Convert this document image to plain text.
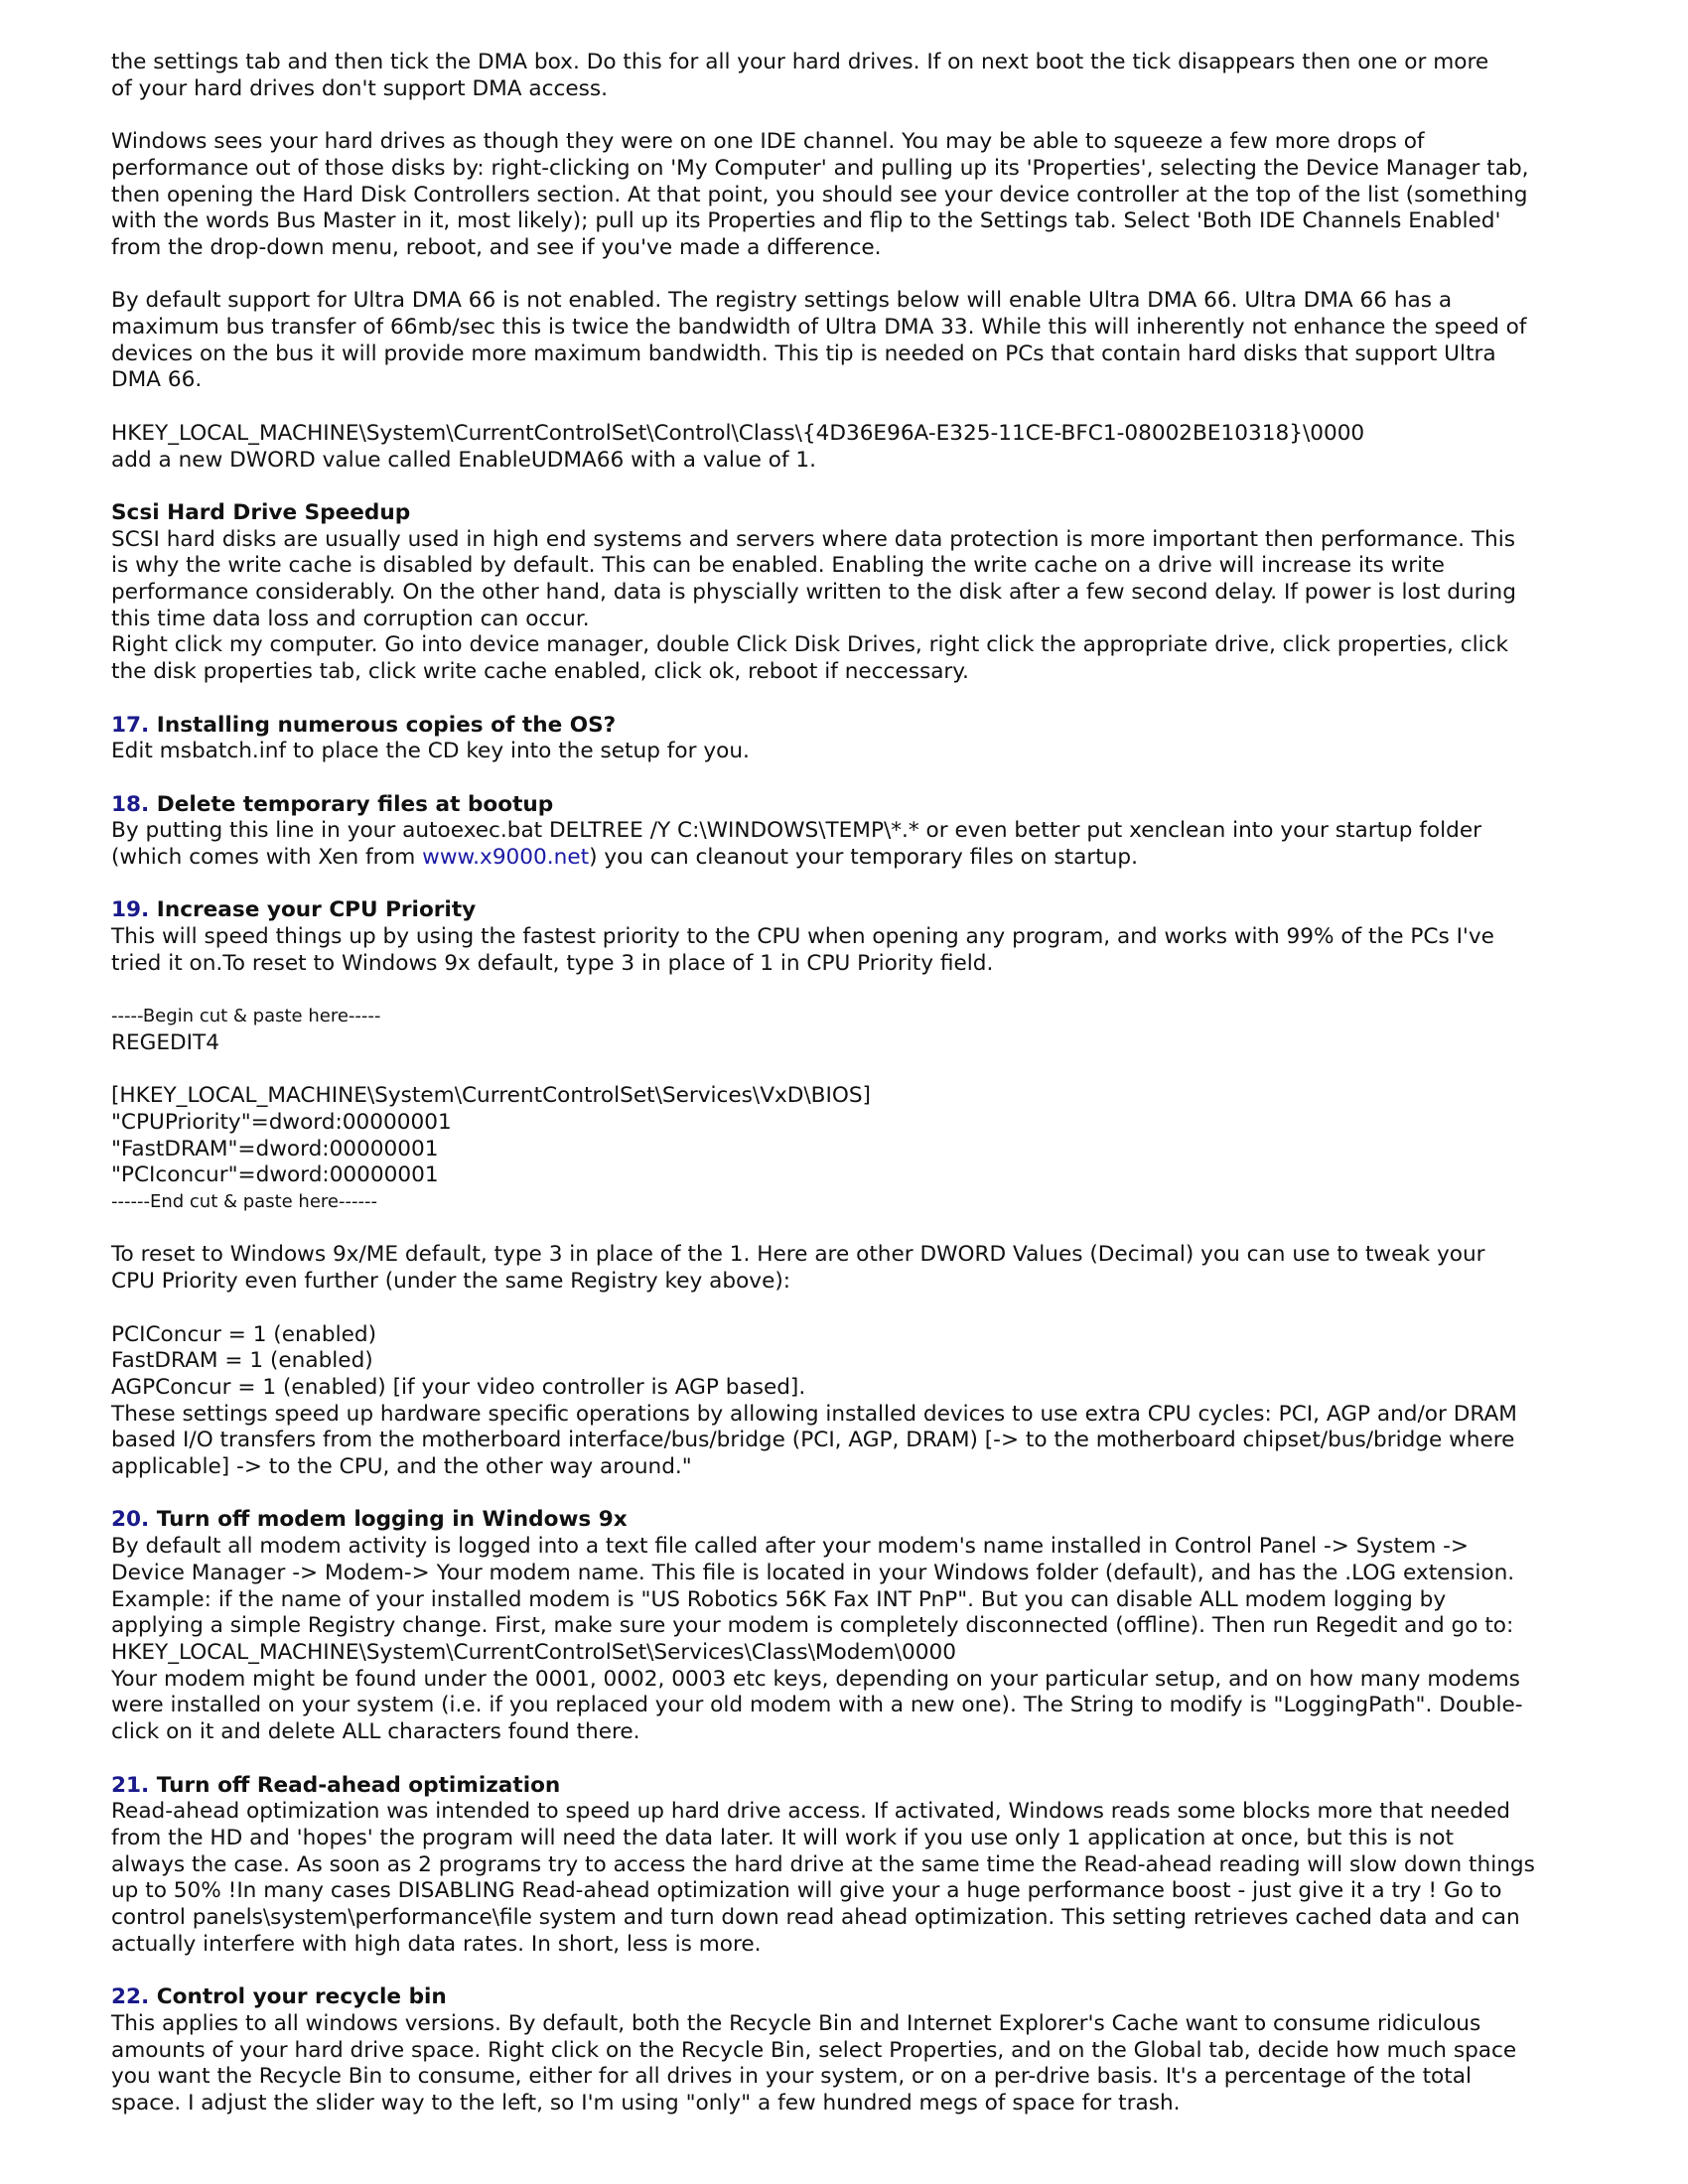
the settings tab and then tick the DMA box. Do this for all your hard drives. If on next boot the tick disappears then one or more
of your hard drives don't support DMA access.
Windows sees your hard drives as though they were on one IDE channel. You may be able to squeeze a few more drops of
performance out of those disks by: right-clicking on 'My Computer' and pulling up its 'Properties', selecting the Device Manager tab,
then opening the Hard Disk Controllers section. At that point, you should see your device controller at the top of the list (something
with the words Bus Master in it, most likely); pull up its Properties and flip to the Settings tab. Select 'Both IDE Channels Enabled'
from the drop-down menu, reboot, and see if you've made a difference.
By default support for Ultra DMA 66 is not enabled. The registry settings below will enable Ultra DMA 66. Ultra DMA 66 has a
maximum bus transfer of 66mb/sec this is twice the bandwidth of Ultra DMA 33. While this will inherently not enhance the speed of
devices on the bus it will provide more maximum bandwidth. This tip is needed on PCs that contain hard disks that support Ultra
DMA 66.
HKEY_LOCAL_MACHINE\System\CurrentControlSet\Control\Class\{4D36E96A-E325-11CE-BFC1-08002BE10318}\0000
add a new DWORD value called EnableUDMA66 with a value of 1.
Scsi Hard Drive Speedup
SCSI hard disks are usually used in high end systems and servers where data protection is more important then performance. This
is why the write cache is disabled by default. This can be enabled. Enabling the write cache on a drive will increase its write
performance considerably. On the other hand, data is physcially written to the disk after a few second delay. If power is lost during
this time data loss and corruption can occur.
Right click my computer. Go into device manager, double Click Disk Drives, right click the appropriate drive, click properties, click
the disk properties tab, click write cache enabled, click ok, reboot if neccessary.
17. Installing numerous copies of the OS?
Edit msbatch.inf to place the CD key into the setup for you.
18. Delete temporary files at bootup
By putting this line in your autoexec.bat DELTREE /Y C:\WINDOWS\TEMP\*.* or even better put xenclean into your startup folder
(which comes with Xen from www.x9000.net) you can cleanout your temporary files on startup.
19. Increase your CPU Priority
This will speed things up by using the fastest priority to the CPU when opening any program, and works with 99% of the PCs I've
tried it on.To reset to Windows 9x default, type 3 in place of 1 in CPU Priority field.
-----Begin cut & paste here-----
REGEDIT4
[HKEY_LOCAL_MACHINE\System\CurrentControlSet\Services\VxD\BIOS]
"CPUPriority"=dword:00000001
"FastDRAM"=dword:00000001
"PCIconcur"=dword:00000001
------End cut & paste here------
To reset to Windows 9x/ME default, type 3 in place of the 1. Here are other DWORD Values (Decimal) you can use to tweak your
CPU Priority even further (under the same Registry key above):
PCIConcur = 1 (enabled)
FastDRAM = 1 (enabled)
AGPConcur = 1 (enabled) [if your video controller is AGP based].
These settings speed up hardware specific operations by allowing installed devices to use extra CPU cycles: PCI, AGP and/or DRAM
based I/O transfers from the motherboard interface/bus/bridge (PCI, AGP, DRAM) [-> to the motherboard chipset/bus/bridge where
applicable] -> to the CPU, and the other way around."
20. Turn off modem logging in Windows 9x
By default all modem activity is logged into a text file called after your modem's name installed in Control Panel -> System ->
Device Manager -> Modem-> Your modem name. This file is located in your Windows folder (default), and has the .LOG extension.
Example: if the name of your installed modem is "US Robotics 56K Fax INT PnP". But you can disable ALL modem logging by
applying a simple Registry change. First, make sure your modem is completely disconnected (offline). Then run Regedit and go to:
HKEY_LOCAL_MACHINE\System\CurrentControlSet\Services\Class\Modem\0000
Your modem might be found under the 0001, 0002, 0003 etc keys, depending on your particular setup, and on how many modems
were installed on your system (i.e. if you replaced your old modem with a new one). The String to modify is "LoggingPath". Double-
click on it and delete ALL characters found there.
21. Turn off Read-ahead optimization
Read-ahead optimization was intended to speed up hard drive access. If activated, Windows reads some blocks more that needed
from the HD and 'hopes' the program will need the data later. It will work if you use only 1 application at once, but this is not
always the case. As soon as 2 programs try to access the hard drive at the same time the Read-ahead reading will slow down things
up to 50% !In many cases DISABLING Read-ahead optimization will give your a huge performance boost - just give it a try ! Go to
control panels\system\performance\file system and turn down read ahead optimization. This setting retrieves cached data and can
actually interfere with high data rates. In short, less is more.
22. Control your recycle bin
This applies to all windows versions. By default, both the Recycle Bin and Internet Explorer's Cache want to consume ridiculous
amounts of your hard drive space. Right click on the Recycle Bin, select Properties, and on the Global tab, decide how much space
you want the Recycle Bin to consume, either for all drives in your system, or on a per-drive basis. It's a percentage of the total
space. I adjust the slider way to the left, so I'm using "only" a few hundred megs of space for trash.
